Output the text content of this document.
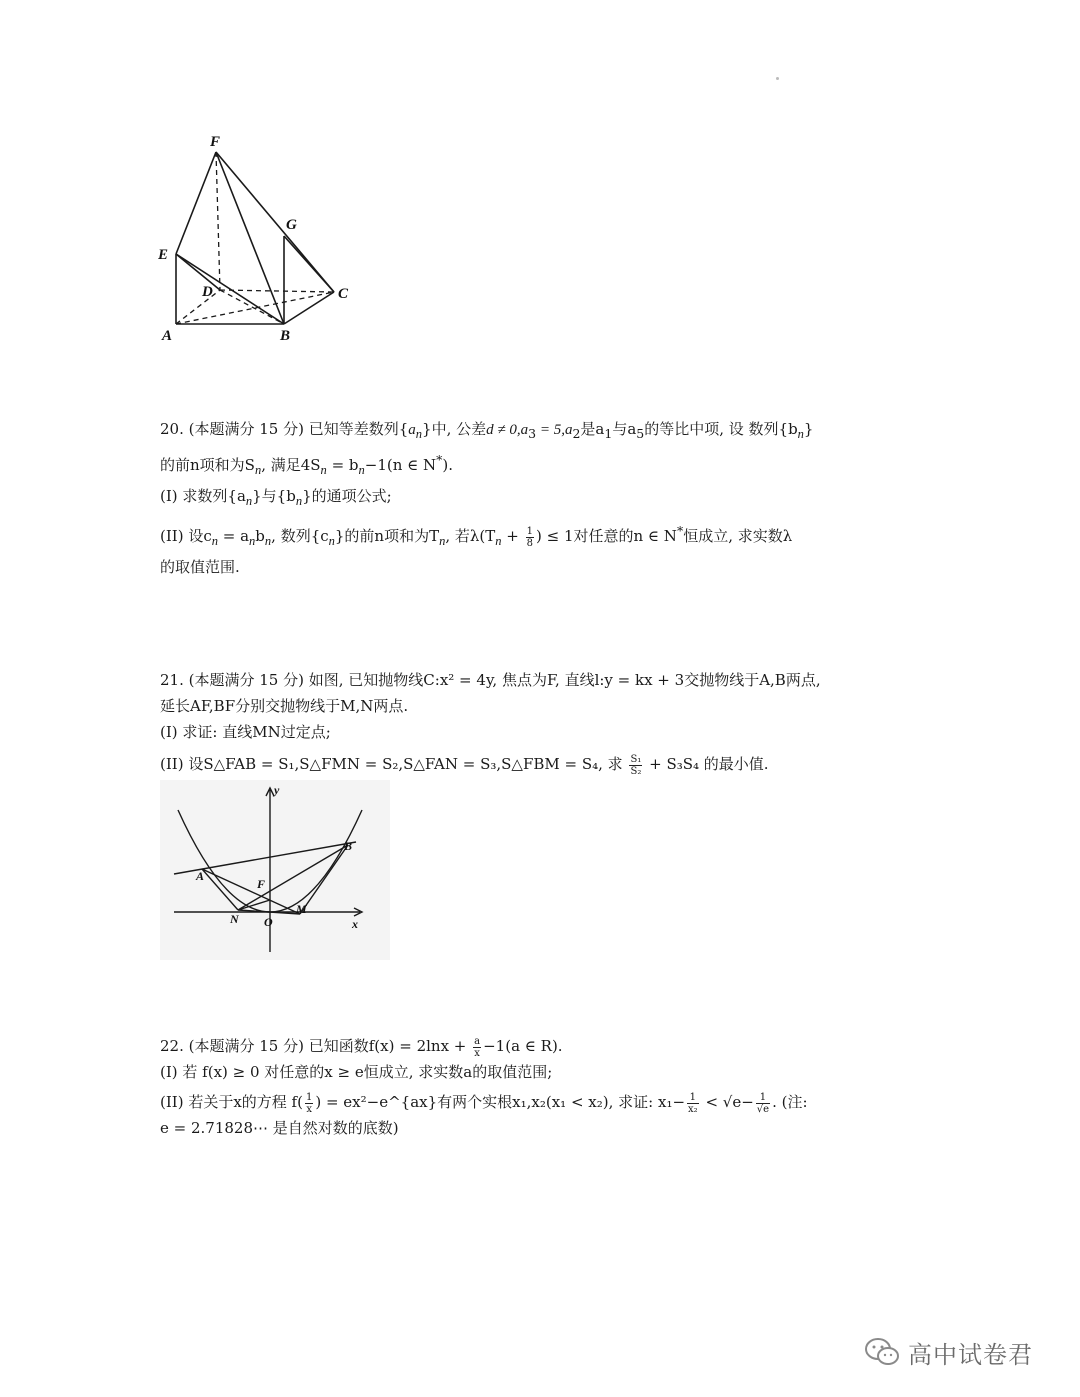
F
G
E
D	C
A	B
20. (本题满分 15 分) 已知等差数列$\{a_n\}$中, 公差$d \ne 0,a_3 = 5,a_2$是$a_1$与$a_5$的等比中项, 设 数列$\{b_n\}$
的前n项和为$S_n$, 满足$4S_n = b_n-1(n$ ∈ N*).
(I) 求数列$\{a_n\}$与$\{b_n\}$的通项公式;
(II) 设$c_n = a_nb_n$, 数列$\{c_n\}$的前n项和为$T_n$, 若$\lambda(T_n + \frac{1}{8}$ ) ≤ 1对任意的n ∈ N*恒成立, 求实数λ
的取值范围.
21. (本题满分 15 分) 如图, 已知抛物线C:x² = 4y, 焦点为F, 直线l:y = kx + 3交抛物线于A,B两点,
延长AF,BF分别交抛物线于M,N两点.
(I) 求证: 直线MN过定点;
(II) 设S△FAB = S₁,S△FMN = S₂,S△FAN = S₃,S△FBM = S₄, 求 $\frac{\text{S₁}}{\text{S₂}} + S_3S_4$ 的最小值.
y
x
O
F
A
B
N
M
22. (本题满分 15 分) 已知函数$f(x) = 2\ln x + \frac{a}{x} -1(a$ ∈ R).
(I) 若 f(x) ≥ 0 对任意的x ≥ e恒成立, 求实数a的取值范围;
(II) 若关于x的方程 $f( \frac{1}{x}$ ) = ex²−e^{ax}有两个实根x₁,x₂(x₁ < x₂), 求证: $x_1- \frac{1}{\text{x₂}} < √e- \frac{1}{√e}$ . (注:
e = 2.71828⋯ 是自然对数的底数)
高中试卷君
